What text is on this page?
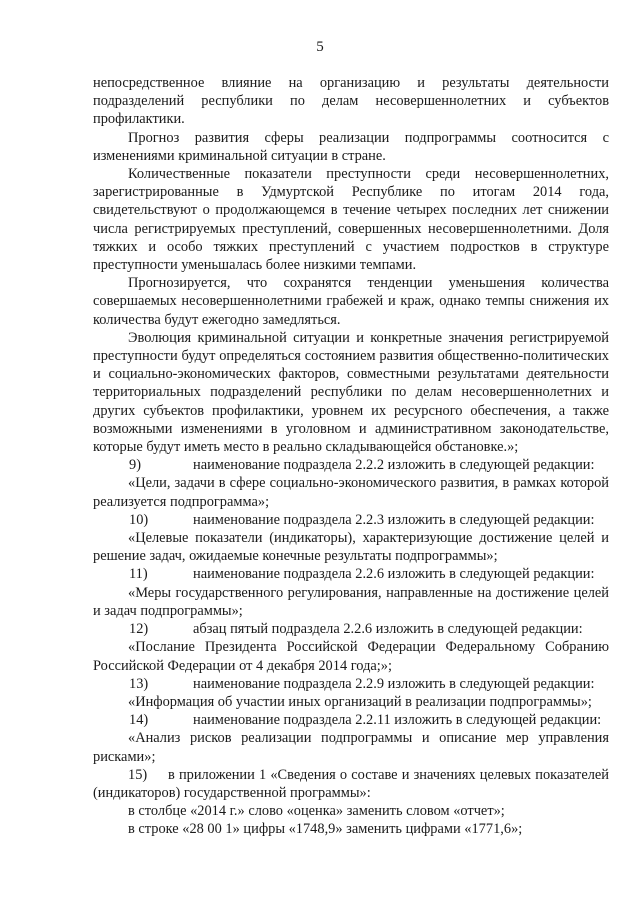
5

непосредственное влияние на организацию и результаты деятельности подразделений республики по делам несовершеннолетних и субъектов профилактики.

Прогноз развития сферы реализации подпрограммы соотносится с изменениями криминальной ситуации в стране.

Количественные показатели преступности среди несовершеннолетних, зарегистрированные в Удмуртской Республике по итогам 2014 года, свидетельствуют о продолжающемся в течение четырех последних лет снижении числа регистрируемых преступлений, совершенных несовершеннолетними. Доля тяжких и особо тяжких преступлений с участием подростков в структуре преступности уменьшалась более низкими темпами.

Прогнозируется, что сохранятся тенденции уменьшения количества совершаемых несовершеннолетними грабежей и краж, однако темпы снижения их количества будут ежегодно замедляться.

Эволюция криминальной ситуации и конкретные значения регистрируемой преступности будут определяться состоянием развития общественно-политических и социально-экономических факторов, совместными результатами деятельности территориальных подразделений республики по делам несовершеннолетних и других субъектов профилактики, уровнем их ресурсного обеспечения, а также возможными изменениями в уголовном и административном законодательстве, которые будут иметь место в реально складывающейся обстановке.»;

9)	наименование подраздела 2.2.2 изложить в следующей редакции:

«Цели, задачи в сфере социально-экономического развития, в рамках которой реализуется подпрограмма»;

10)	наименование подраздела 2.2.3 изложить в следующей редакции:

«Целевые показатели (индикаторы), характеризующие достижение целей и решение задач, ожидаемые конечные результаты подпрограммы»;

11)	наименование подраздела 2.2.6 изложить в следующей редакции:

«Меры государственного регулирования, направленные на достижение целей и задач подпрограммы»;

12)	абзац пятый подраздела 2.2.6 изложить в следующей редакции:

«Послание Президента Российской Федерации Федеральному Собранию Российской Федерации от 4 декабря 2014 года;»;

13)	наименование подраздела 2.2.9 изложить в следующей редакции:

«Информация об участии иных организаций в реализации подпрограммы»;

14)	наименование подраздела 2.2.11 изложить в следующей редакции:

«Анализ рисков реализации подпрограммы и описание мер управления рисками»;

15) в приложении 1 «Сведения о составе и значениях целевых показателей (индикаторов) государственной программы»:

в столбце «2014 г.» слово «оценка» заменить словом «отчет»;

в строке «28 00 1» цифры «1748,9» заменить цифрами «1771,6»;
